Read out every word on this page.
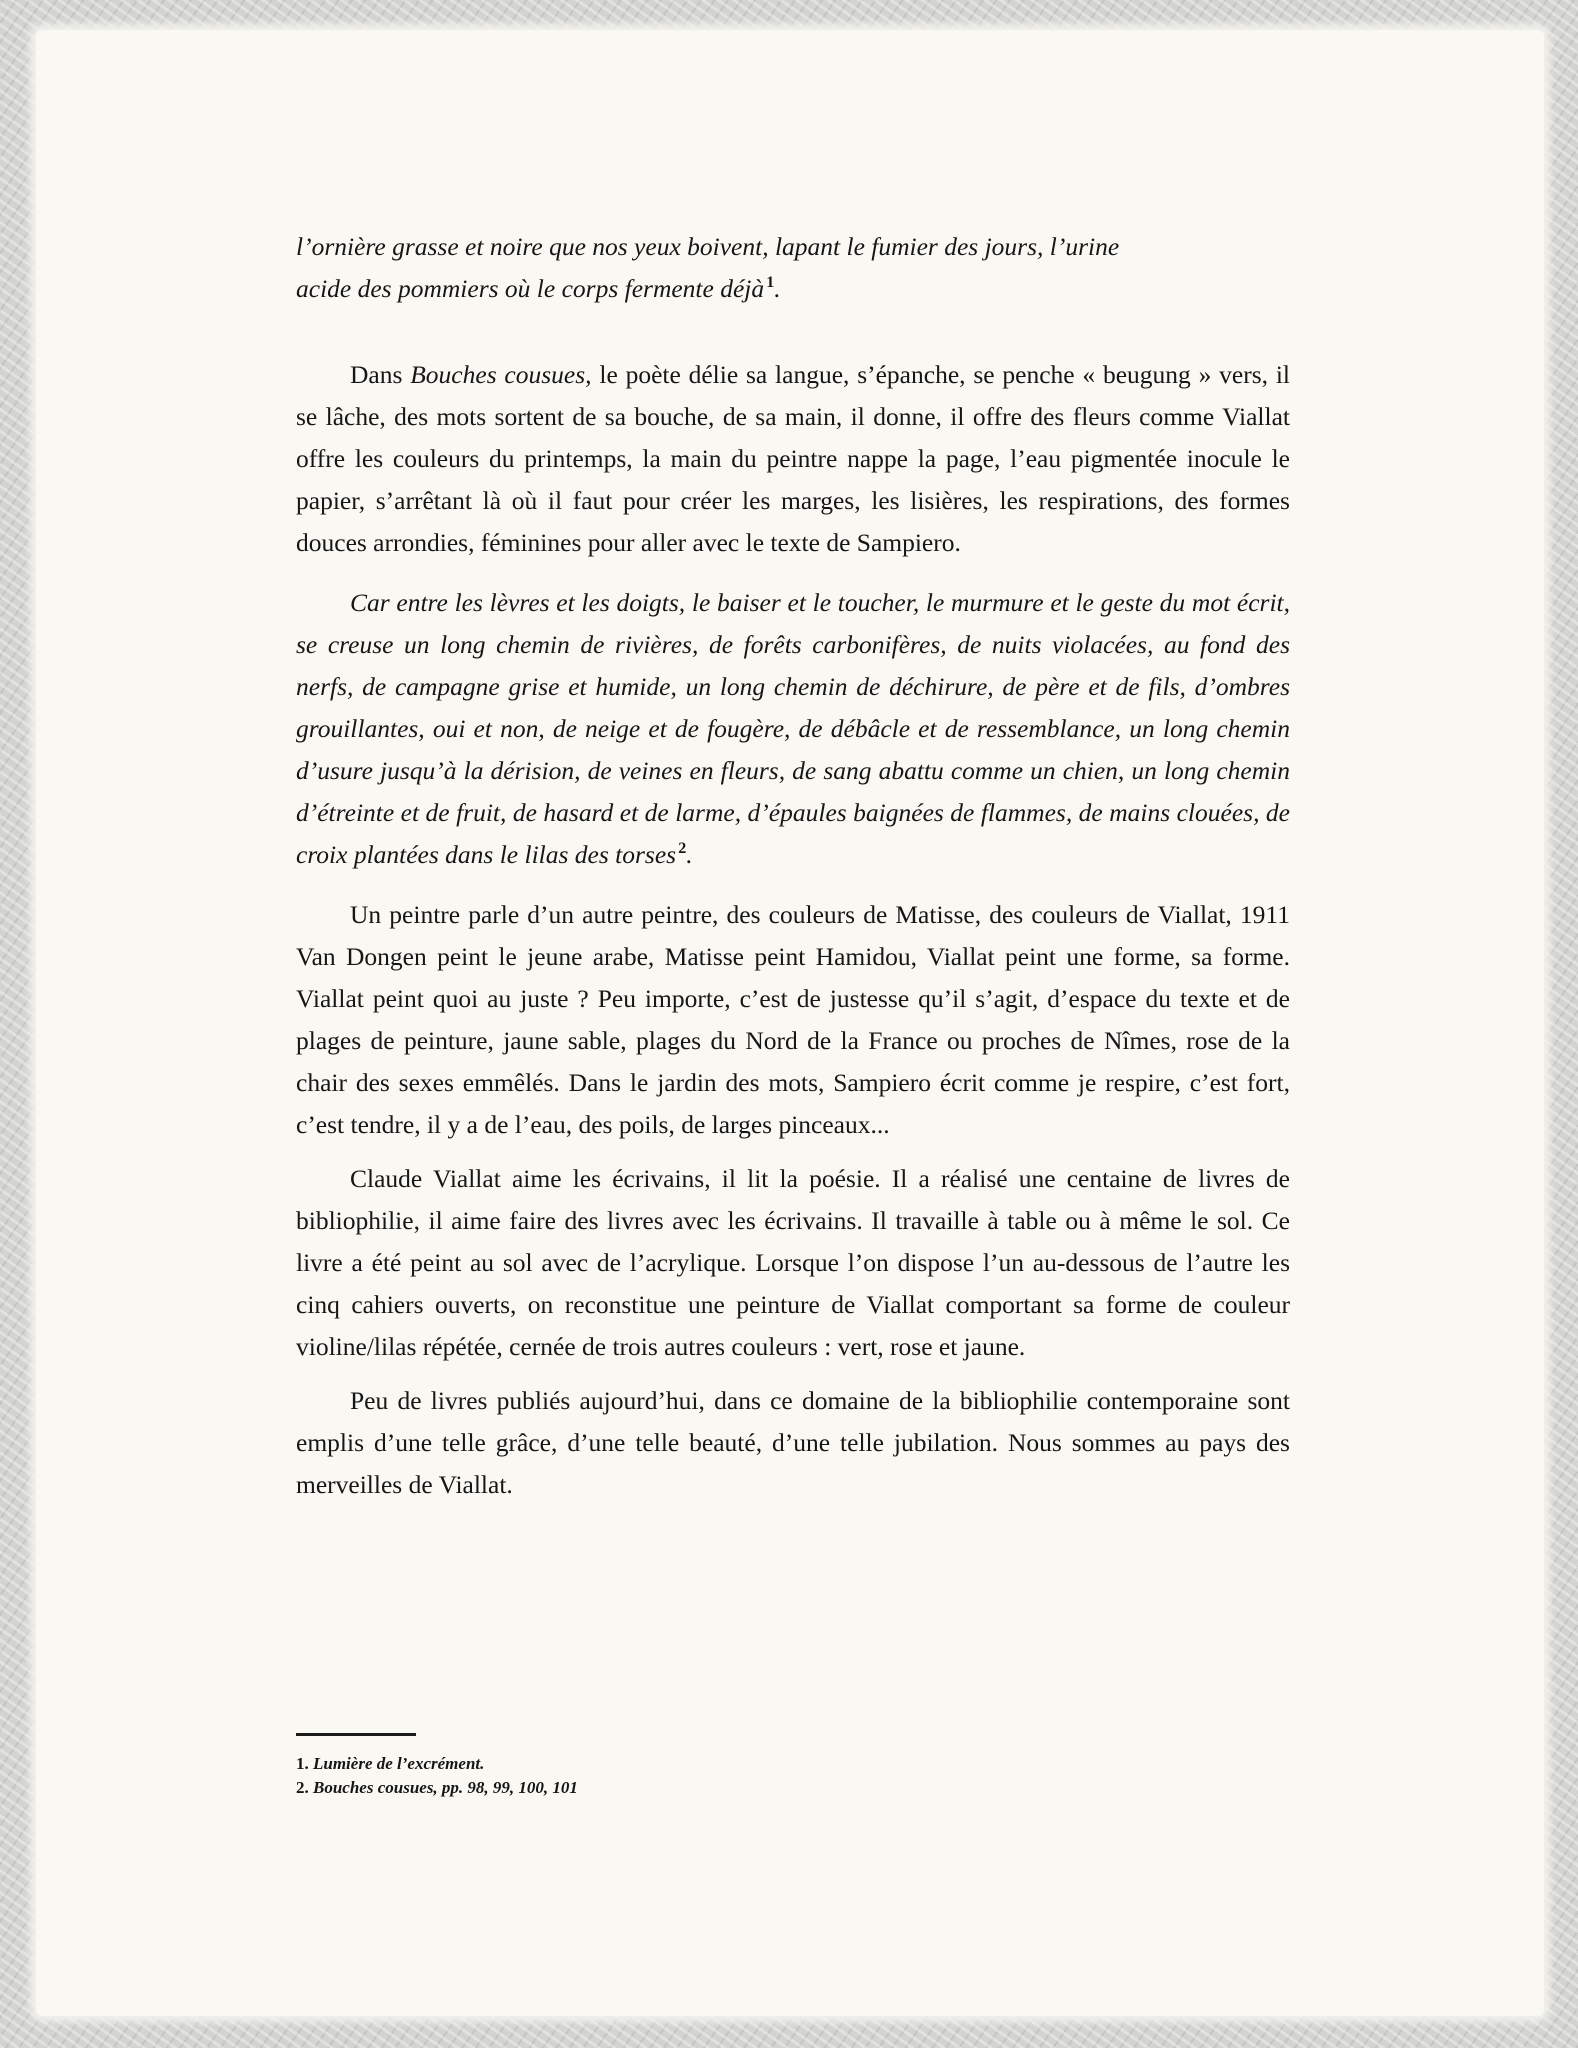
l’ornière grasse et noire que nos yeux boivent, lapant le fumier des jours, l’urine
acide des pommiers où le corps fermente déjà  $^1$.

Dans Bouches cousues, le poète délie sa langue, s’épanche, se penche « beugung » vers, il se lâche, des mots sortent de sa bouche, de sa main, il donne, il offre des fleurs comme Viallat offre les couleurs du printemps, la main du peintre nappe la page, l’eau pigmentée inocule le papier, s’arrêtant là où il faut pour créer les marges, les lisières, les respirations, des formes douces arrondies, féminines pour aller avec le texte de Sampiero.

Car entre les lèvres et les doigts, le baiser et le toucher, le murmure et le geste du mot écrit, se creuse un long chemin de rivières, de forêts carbonifères, de nuits violacées, au fond des nerfs, de campagne grise et humide, un long chemin de déchirure, de père et de fils, d’ombres grouillantes, oui et non, de neige et de fougère, de débâcle et de ressemblance, un long chemin d’usure jusqu’à la dérision, de veines en fleurs, de sang abattu comme un chien, un long chemin d’étreinte et de fruit, de hasard et de larme, d’épaules baignées de flammes, de mains clouées, de croix plantées dans le lilas des torses  $^2$.

Un peintre parle d’un autre peintre, des couleurs de Matisse, des couleurs de Viallat, 1911 Van Dongen peint le jeune arabe, Matisse peint Hamidou, Viallat peint une forme, sa forme. Viallat peint quoi au juste ? Peu importe, c’est de justesse qu’il s’agit, d’espace du texte et de plages de peinture, jaune sable, plages du Nord de la France ou proches de Nîmes, rose de la chair des sexes emmêlés. Dans le jardin des mots, Sampiero écrit comme je respire, c’est fort, c’est tendre, il y a de l’eau, des poils, de larges pinceaux...

Claude Viallat aime les écrivains, il lit la poésie. Il a réalisé une centaine de livres de bibliophilie, il aime faire des livres avec les écrivains. Il travaille à table ou à même le sol. Ce livre a été peint au sol avec de l’acrylique. Lorsque l’on dispose l’un au-dessous de l’autre les cinq cahiers ouverts, on reconstitue une peinture de Viallat comportant sa forme de couleur violine/lilas répétée, cernée de trois autres couleurs : vert, rose et jaune.

Peu de livres publiés aujourd’hui, dans ce domaine de la bibliophilie contemporaine sont emplis d’une telle grâce, d’une telle beauté, d’une telle jubilation. Nous sommes au pays des merveilles de Viallat.

1. Lumière de l’excrément.
2. Bouches cousues, pp. 98, 99, 100, 101
